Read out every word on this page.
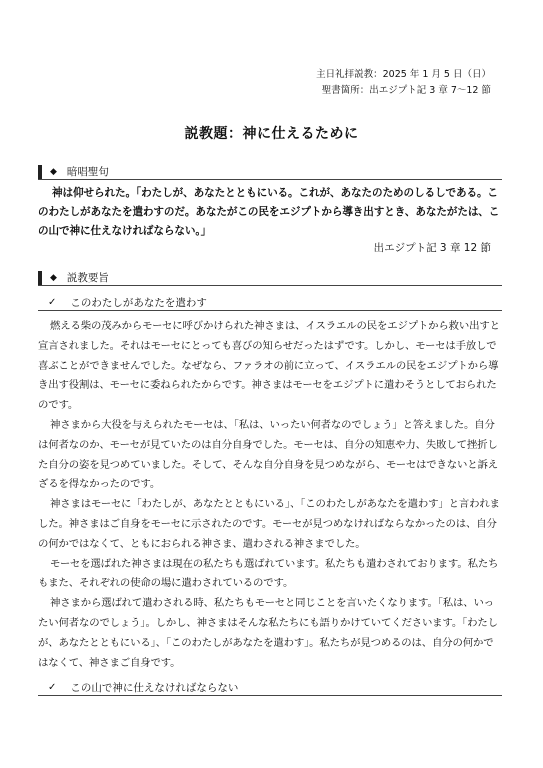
主日礼拝説教：2025 年 1 月 5 日（日）
聖書箇所：出エジプト記 3 章 7～12 節
説教題：神に仕えるために
◆ 暗唱聖句
神は仰せられた。「わたしが、あなたとともにいる。これが、あなたのためのしるしである。このわたしがあなたを遣わすのだ。あなたがこの民をエジプトから導き出すとき、あなたがたは、この山で神に仕えなければならない。」
出エジプト記 3 章 12 節
◆ 説教要旨
✓ このわたしがあなたを遣わす

燃える柴の茂みからモーセに呼びかけられた神さまは、イスラエルの民をエジプトから救い出すと宣言されました。それはモーセにとっても喜びの知らせだったはずです。しかし、モーセは手放しで喜ぶことができませんでした。なぜなら、ファラオの前に立って、イスラエルの民をエジプトから導き出す役割は、モーセに委ねられたからです。神さまはモーセをエジプトに遣わそうとしておられたのです。

神さまから大役を与えられたモーセは、「私は、いったい何者なのでしょう」と答えました。自分は何者なのか、モーセが見ていたのは自分自身でした。モーセは、自分の知恵や力、失敗して挫折した自分の姿を見つめていました。そして、そんな自分自身を見つめながら、モーセはできないと訴えざるを得なかったのです。

神さまはモーセに「わたしが、あなたとともにいる」、「このわたしがあなたを遣わす」と言われました。神さまはご自身をモーセに示されたのです。モーセが見つめなければならなかったのは、自分の何かではなくて、ともにおられる神さま、遣わされる神さまでした。

モーセを選ばれた神さまは現在の私たちも選ばれています。私たちも遣わされております。私たちもまた、それぞれの使命の場に遣わされているのです。

神さまから選ばれて遣わされる時、私たちもモーセと同じことを言いたくなります。「私は、いったい何者なのでしょう」。しかし、神さまはそんな私たちにも語りかけていてくださいます。「わたしが、あなたとともにいる」、「このわたしがあなたを遣わす」。私たちが見つめるのは、自分の何かではなくて、神さまご自身です。

✓ この山で神に仕えなければならない
